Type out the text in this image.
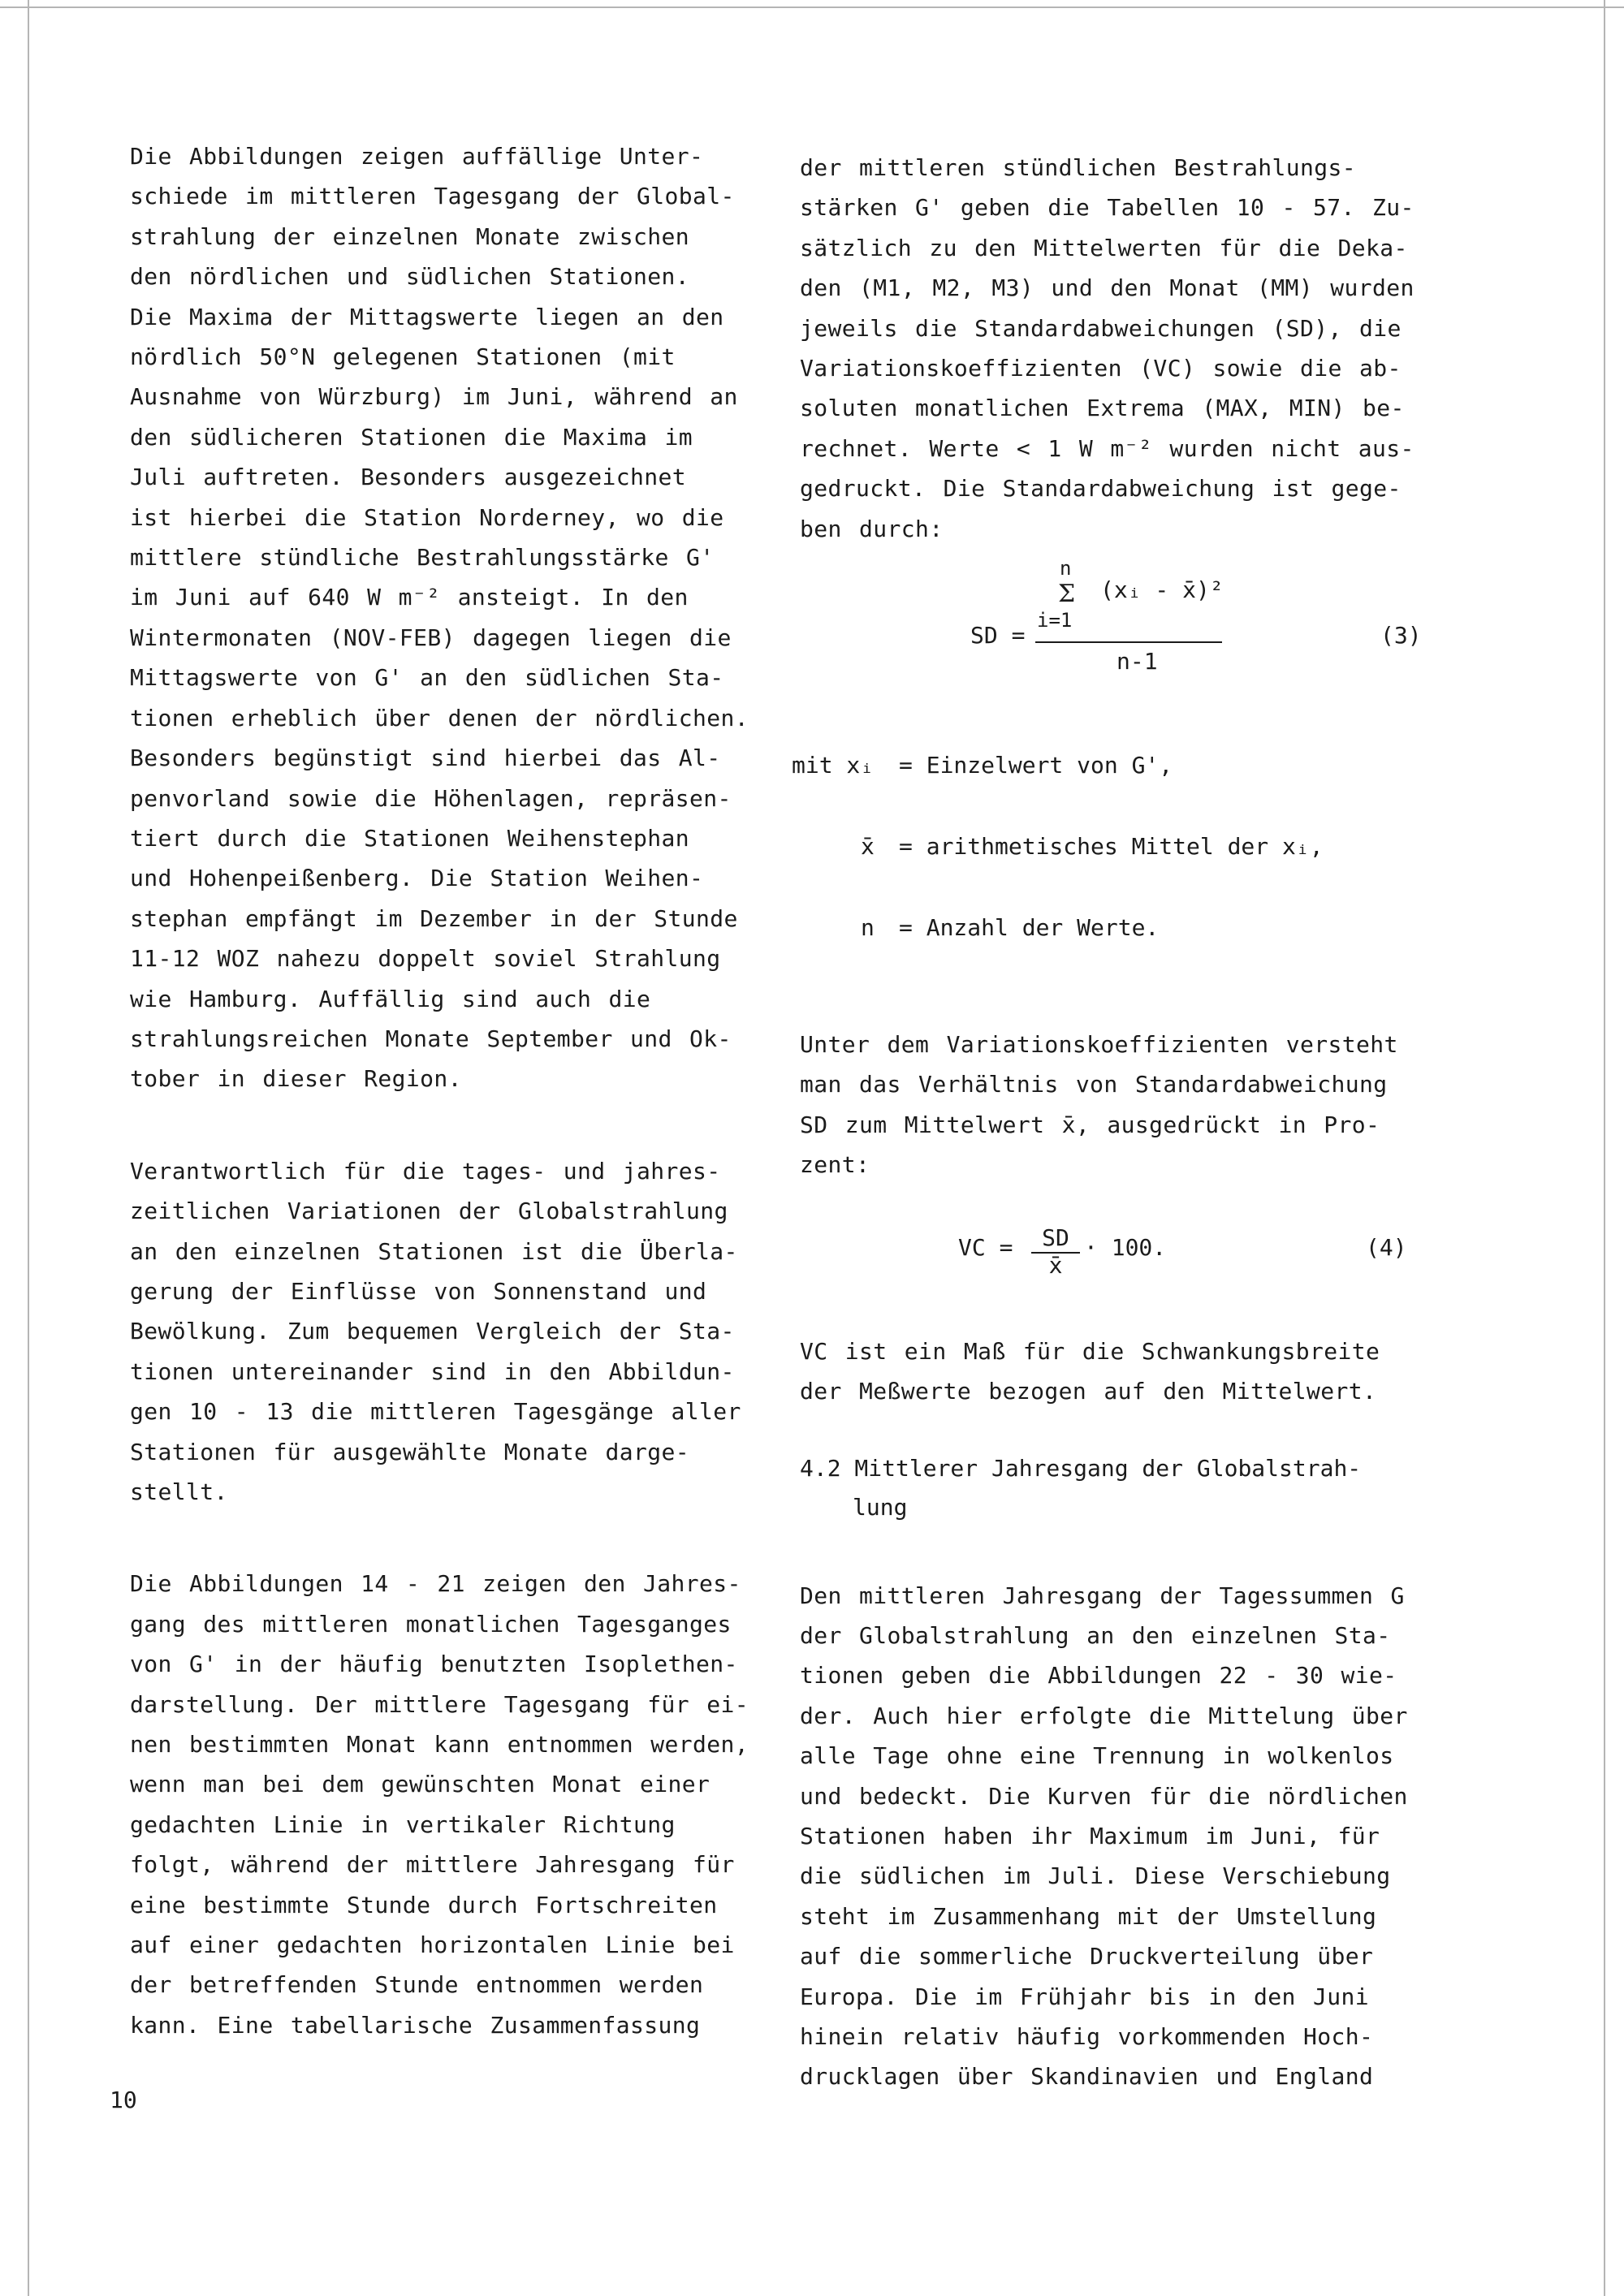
Die Abbildungen zeigen auffällige Unter-
schiede im mittleren Tagesgang der Global-
strahlung der einzelnen Monate zwischen
den nördlichen und südlichen Stationen.
Die Maxima der Mittagswerte liegen an den
nördlich 50°N gelegenen Stationen (mit
Ausnahme von Würzburg) im Juni, während an
den südlicheren Stationen die Maxima im
Juli auftreten. Besonders ausgezeichnet
ist hierbei die Station Norderney, wo die
mittlere stündliche Bestrahlungsstärke G'
im Juni auf 640 W m⁻² ansteigt. In den
Wintermonaten (NOV-FEB) dagegen liegen die
Mittagswerte von G' an den südlichen Sta-
tionen erheblich über denen der nördlichen.
Besonders begünstigt sind hierbei das Al-
penvorland sowie die Höhenlagen, repräsen-
tiert durch die Stationen Weihenstephan
und Hohenpeißenberg. Die Station Weihen-
stephan empfängt im Dezember in der Stunde
11-12 WOZ nahezu doppelt soviel Strahlung
wie Hamburg. Auffällig sind auch die
strahlungsreichen Monate September und Ok-
tober in dieser Region.

Verantwortlich für die tages- und jahres-
zeitlichen Variationen der Globalstrahlung
an den einzelnen Stationen ist die Überla-
gerung der Einflüsse von Sonnenstand und
Bewölkung. Zum bequemen Vergleich der Sta-
tionen untereinander sind in den Abbildun-
gen 10 - 13 die mittleren Tagesgänge aller
Stationen für ausgewählte Monate darge-
stellt.

Die Abbildungen 14 - 21 zeigen den Jahres-
gang des mittleren monatlichen Tagesganges
von G' in der häufig benutzten Isoplethen-
darstellung. Der mittlere Tagesgang für ei-
nen bestimmten Monat kann entnommen werden,
wenn man bei dem gewünschten Monat einer
gedachten Linie in vertikaler Richtung
folgt, während der mittlere Jahresgang für
eine bestimmte Stunde durch Fortschreiten
auf einer gedachten horizontalen Linie bei
der betreffenden Stunde entnommen werden
kann. Eine tabellarische Zusammenfassung

der mittleren stündlichen Bestrahlungs-
stärken G' geben die Tabellen 10 - 57. Zu-
sätzlich zu den Mittelwerten für die Deka-
den (M1, M2, M3) und den Monat (MM) wurden
jeweils die Standardabweichungen (SD), die
Variationskoeffizienten (VC) sowie die ab-
soluten monatlichen Extrema (MAX, MIN) be-
rechnet. Werte < 1 W m⁻² wurden nicht aus-
gedruckt. Die Standardabweichung ist gege-
ben durch:

SD =
n
Σ (xᵢ - x̄)²
i=1
n-1
(3)
mit xᵢ	= Einzelwert von G',
x̄	= arithmetisches Mittel der xᵢ,
n	= Anzahl der Werte.

Unter dem Variationskoeffizienten versteht
man das Verhältnis von Standardabweichung
SD zum Mittelwert x̄, ausgedrückt in Pro-
zent:

VC = $\frac{SD}{x̄} \cdot 100$.	(4)

VC ist ein Maß für die Schwankungsbreite
der Meßwerte bezogen auf den Mittelwert.

4.2 Mittlerer Jahresgang der Globalstrah-
lung

Den mittleren Jahresgang der Tagessummen G
der Globalstrahlung an den einzelnen Sta-
tionen geben die Abbildungen 22 - 30 wie-
der. Auch hier erfolgte die Mittelung über
alle Tage ohne eine Trennung in wolkenlos
und bedeckt. Die Kurven für die nördlichen
Stationen haben ihr Maximum im Juni, für
die südlichen im Juli. Diese Verschiebung
steht im Zusammenhang mit der Umstellung
auf die sommerliche Druckverteilung über
Europa. Die im Frühjahr bis in den Juni
hinein relativ häufig vorkommenden Hoch-
drucklagen über Skandinavien und England

10
